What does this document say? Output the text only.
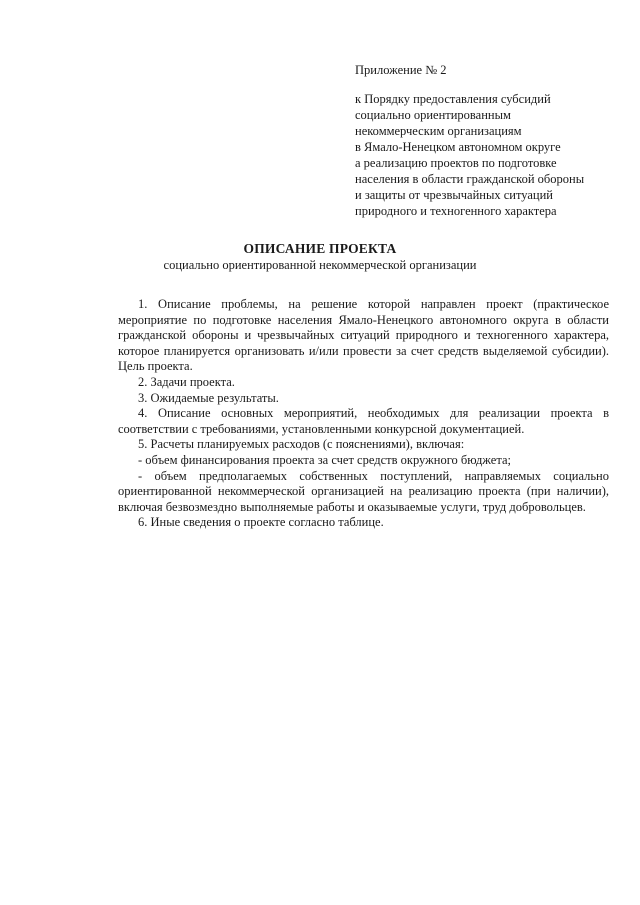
Приложение № 2
к Порядку предоставления субсидий
социально ориентированным
некоммерческим организациям
в Ямало-Ненецком автономном округе
а реализацию проектов по подготовке
населения в области гражданской обороны
и защиты от чрезвычайных ситуаций
природного и техногенного характера
ОПИСАНИЕ ПРОЕКТА
социально ориентированной некоммерческой организации

1. Описание проблемы, на решение которой направлен проект (практическое мероприятие по подготовке населения Ямало-Ненецкого автономного округа в области гражданской обороны и чрезвычайных ситуаций природного и техногенного характера, которое планируется организовать и/или провести за счет средств выделяемой субсидии). Цель проекта.

2. Задачи проекта.

3. Ожидаемые результаты.

4. Описание основных мероприятий, необходимых для реализации проекта в соответствии с требованиями, установленными конкурсной документацией.

5. Расчеты планируемых расходов (с пояснениями), включая:

- объем финансирования проекта за счет средств окружного бюджета;

- объем предполагаемых собственных поступлений, направляемых социально ориентированной некоммерческой организацией на реализацию проекта (при наличии), включая безвозмездно выполняемые работы и оказываемые услуги, труд добровольцев.

6. Иные сведения о проекте согласно таблице.
